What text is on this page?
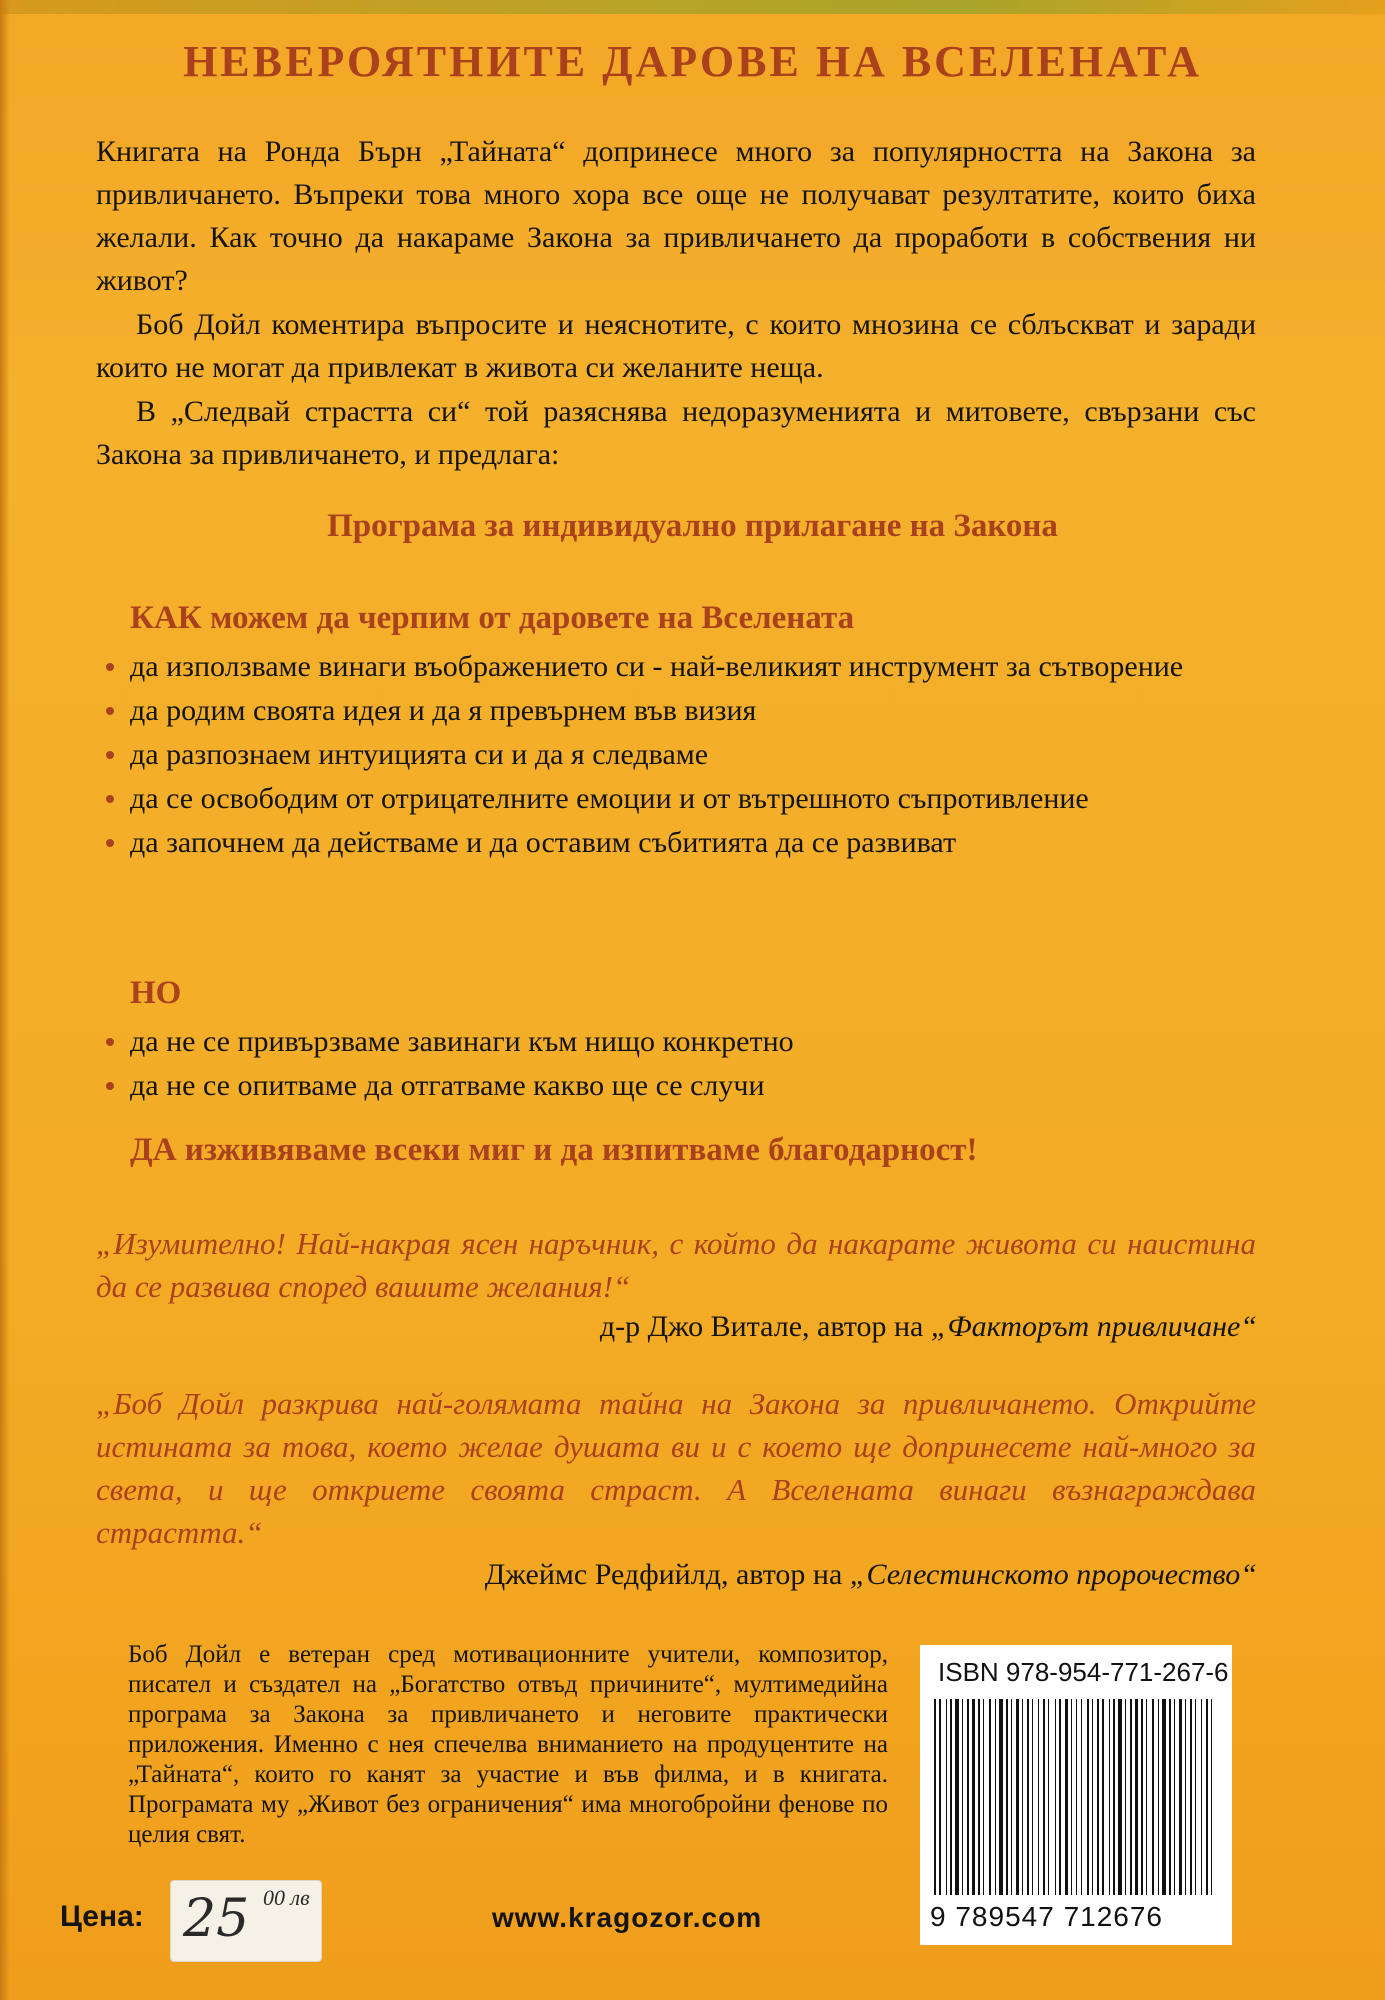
НЕВЕРОЯТНИТЕ ДАРОВЕ НА ВСЕЛЕНАТА
Книгата на Ронда Бърн „Тайната“ допринесе много за популярността на Закона за привличането. Въпреки това много хора все още не получават резултатите, които биха желали. Как точно да накараме Закона за привличането да проработи в собствения ни живот?
Боб Дойл коментира въпросите и неяснотите, с които мнозина се сблъскват и заради които не могат да привлекат в живота си желаните неща.
В „Следвай страстта си“ той разяснява недоразуменията и митовете, свързани със Закона за привличането, и предлага:
Програма за индивидуално прилагане на Закона
КАК можем да черпим от даровете на Вселената
да използваме винаги въображението си - най-великият инструмент за сътворение
да родим своята идея и да я превърнем във визия
да разпознаем интуицията си и да я следваме
да се освободим от отрицателните емоции и от вътрешното съпротивление
да започнем да действаме и да оставим събитията да се развиват
НО
да не се привързваме завинаги към нищо конкретно
да не се опитваме да отгатваме какво ще се случи
ДА изживяваме всеки миг и да изпитваме благодарност!
„Изумително! Най-накрая ясен наръчник, с който да накарате живота си наистина да се развива според вашите желания!“
д-р Джо Витале, автор на „Факторът привличане“
„Боб Дойл разкрива най-голямата тайна на Закона за привличането. Открийте истината за това, което желае душата ви и с което ще допринесете най-много за света, и ще откриете своята страст. А Вселената винаги възнаграждава страстта.“
Джеймс Редфийлд, автор на „Селестинското пророчество“
Боб Дойл е ветеран сред мотивационните учители, композитор, писател и създател на „Богатство отвъд причините“, мултимедийна програма за Закона за привличането и неговите практически приложения. Именно с нея спечелва вниманието на продуцентите на „Тайната“, които го канят за участие и във филма, и в книгата. Програмата му „Живот без ограничения“ има многобройни фенове по целия свят.
Цена: 25 00 лв
www.kragozor.com
ISBN 978-954-771-267-6
9 789547 712676
